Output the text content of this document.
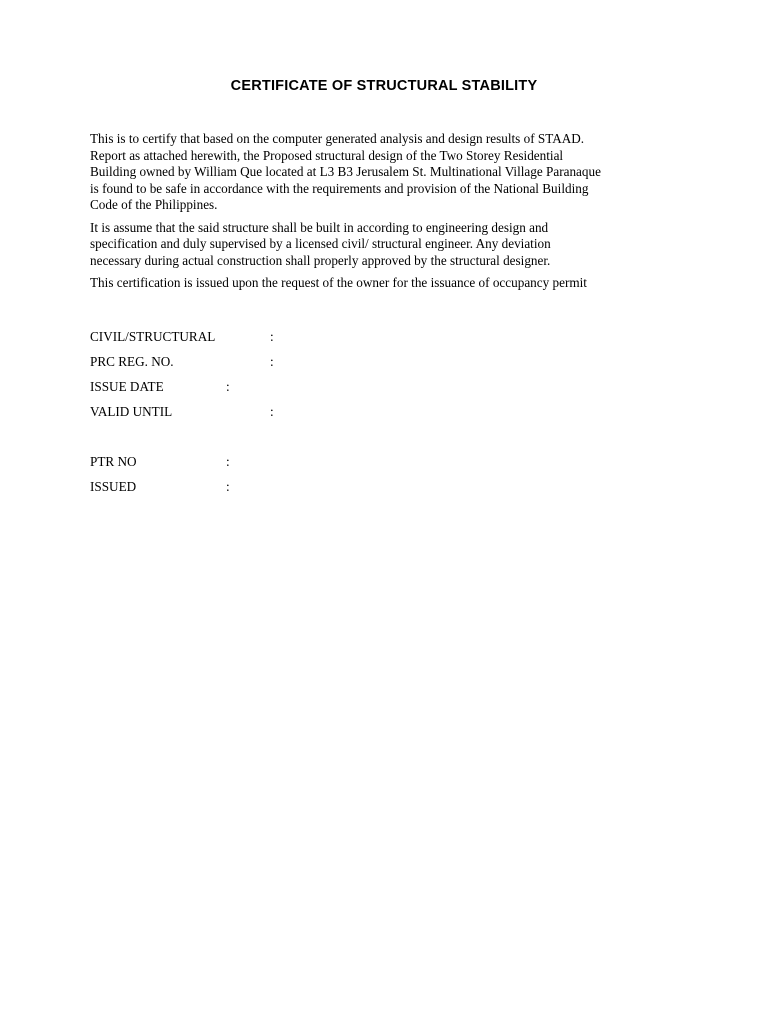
CERTIFICATE OF STRUCTURAL STABILITY

This is to certify that based on the computer generated analysis and design results of STAAD.
Report as attached herewith, the Proposed structural design of the Two Storey Residential
Building owned by William Que located at L3 B3 Jerusalem St. Multinational Village Paranaque
is found to be safe in accordance with the requirements and provision of the National Building
Code of the Philippines.

It is assume that the said structure shall be built in according to engineering design and
specification and duly supervised by a licensed civil/ structural engineer. Any deviation
necessary during actual construction shall properly approved by the structural designer.

This certification is issued upon the request of the owner for the issuance of occupancy permit

CIVIL/STRUCTURAL	:
PRC REG. NO.	:
ISSUE DATE	:
VALID UNTIL	:
PTR NO	:
ISSUED	:
